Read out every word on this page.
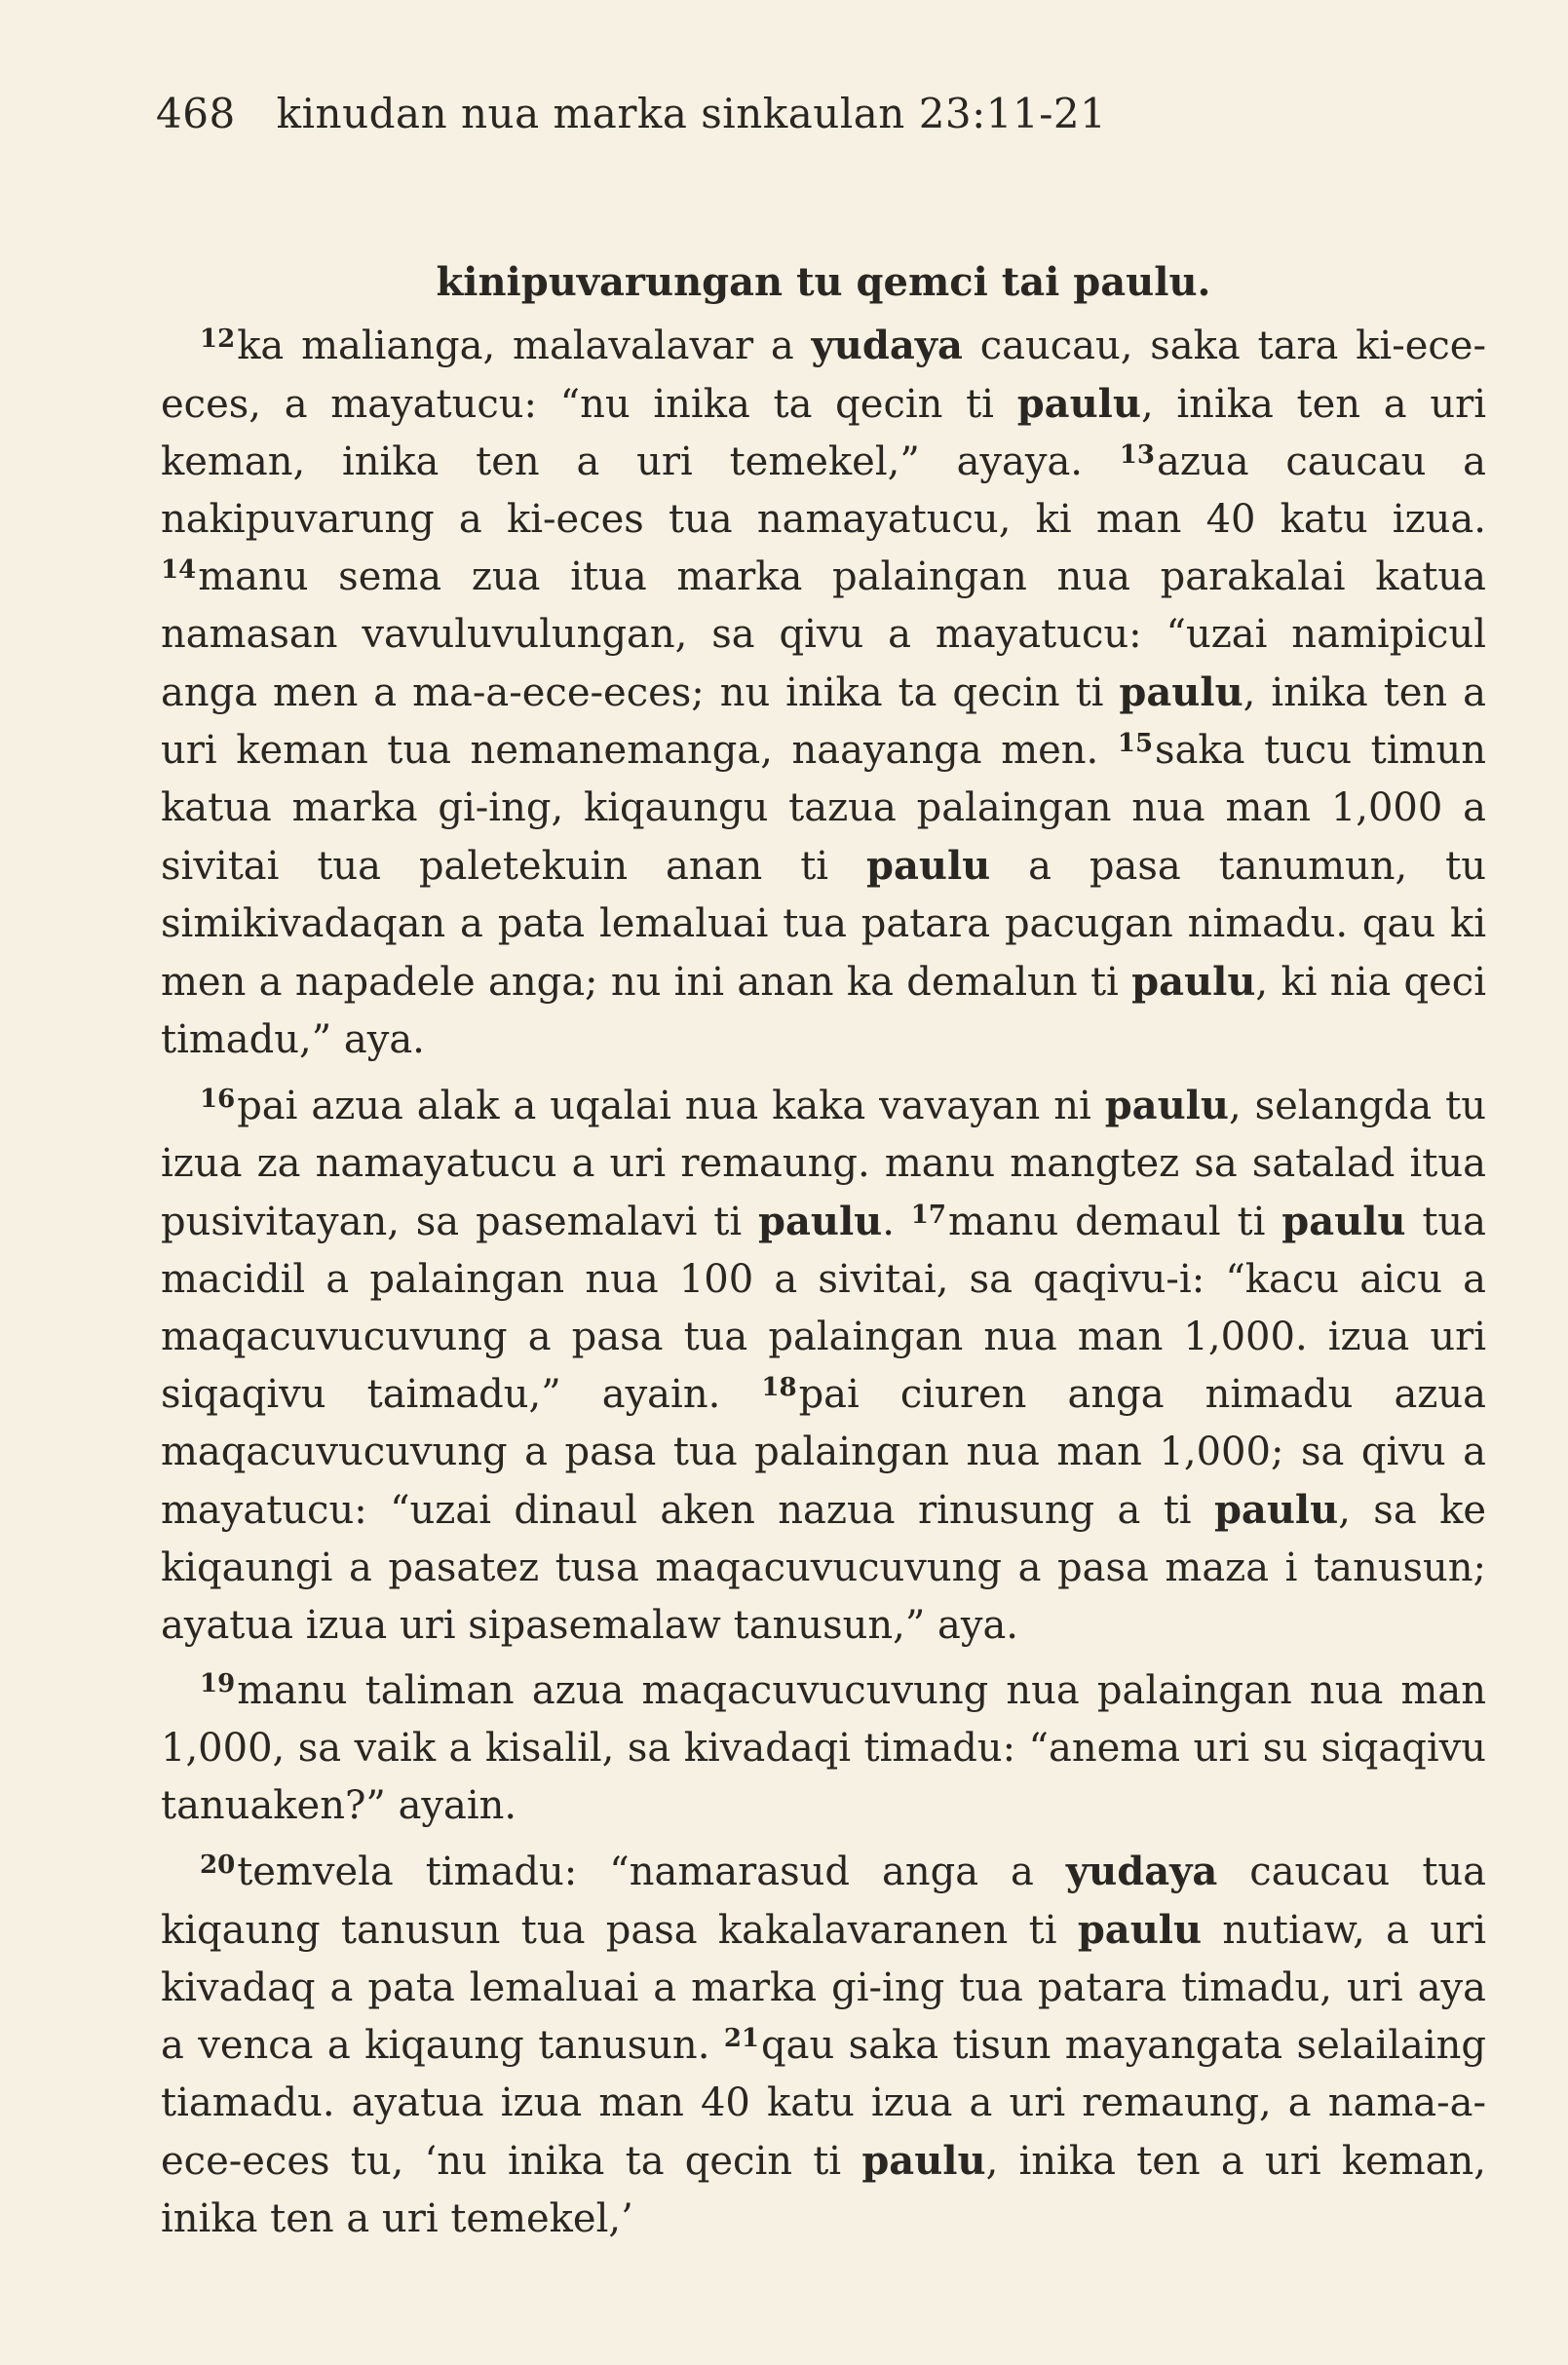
468 kinudan nua marka sinkaulan 23:11-21
kinipuvarungan tu qemci tai paulu.

$^{12}$ka malianga, malavalavar a yudaya caucau, saka tara ki-ece-eces, a mayatucu: “nu inika ta qecin ti paulu, inika ten a uri keman, inika ten a uri temekel,” ayaya. $^{13}$azua caucau a nakipuvarung a ki-eces tua namayatucu, ki man 40 katu izua. $^{14}$manu sema zua itua marka palaingan nua parakalai katua namasan vavuluvulungan, sa qivu a mayatucu: “uzai namipicul anga men a ma-a-ece-eces; nu inika ta qecin ti paulu, inika ten a uri keman tua nemanemanga, naayanga men. $^{15}$saka tucu timun katua marka gi-ing, kiqaungu tazua palaingan nua man 1,000 a sivitai tua paletekuin anan ti paulu a pasa tanumun, tu simikivadaqan a pata lemaluai tua patara pacugan nimadu. qau ki men a napadele anga; nu ini anan ka demalun ti paulu, ki nia qeci timadu,” aya.

$^{16}$pai azua alak a uqalai nua kaka vavayan ni paulu, selangda tu izua za namayatucu a uri remaung. manu mangtez sa satalad itua pusivitayan, sa pasemalavi ti paulu. $^{17}$manu demaul ti paulu tua macidil a palaingan nua 100 a sivitai, sa qaqivu-i: “kacu aicu a maqacuvucuvung a pasa tua palaingan nua man 1,000. izua uri siqaqivu taimadu,” ayain. $^{18}$pai ciuren anga nimadu azua maqacuvucuvung a pasa tua palaingan nua man 1,000; sa qivu a mayatucu: “uzai dinaul aken nazua rinusung a ti paulu, sa ke kiqaungi a pasatez tusa maqacuvucuvung a pasa maza i tanusun; ayatua izua uri sipasemalaw tanusun,” aya.

$^{19}$manu taliman azua maqacuvucuvung nua palaingan nua man 1,000, sa vaik a kisalil, sa kivadaqi timadu: “anema uri su siqaqivu tanuaken?” ayain.

$^{20}$temvela timadu: “namarasud anga a yudaya caucau tua kiqaung tanusun tua pasa kakalavaranen ti paulu nutiaw, a uri kivadaq a pata lemaluai a marka gi-ing tua patara timadu, uri aya a venca a kiqaung tanusun. $^{21}$qau saka tisun mayangata selailaing tiamadu. ayatua izua man 40 katu izua a uri remaung, a nama-a-ece-eces tu, ‘nu inika ta qecin ti paulu, inika ten a uri keman, inika ten a uri temekel,’
